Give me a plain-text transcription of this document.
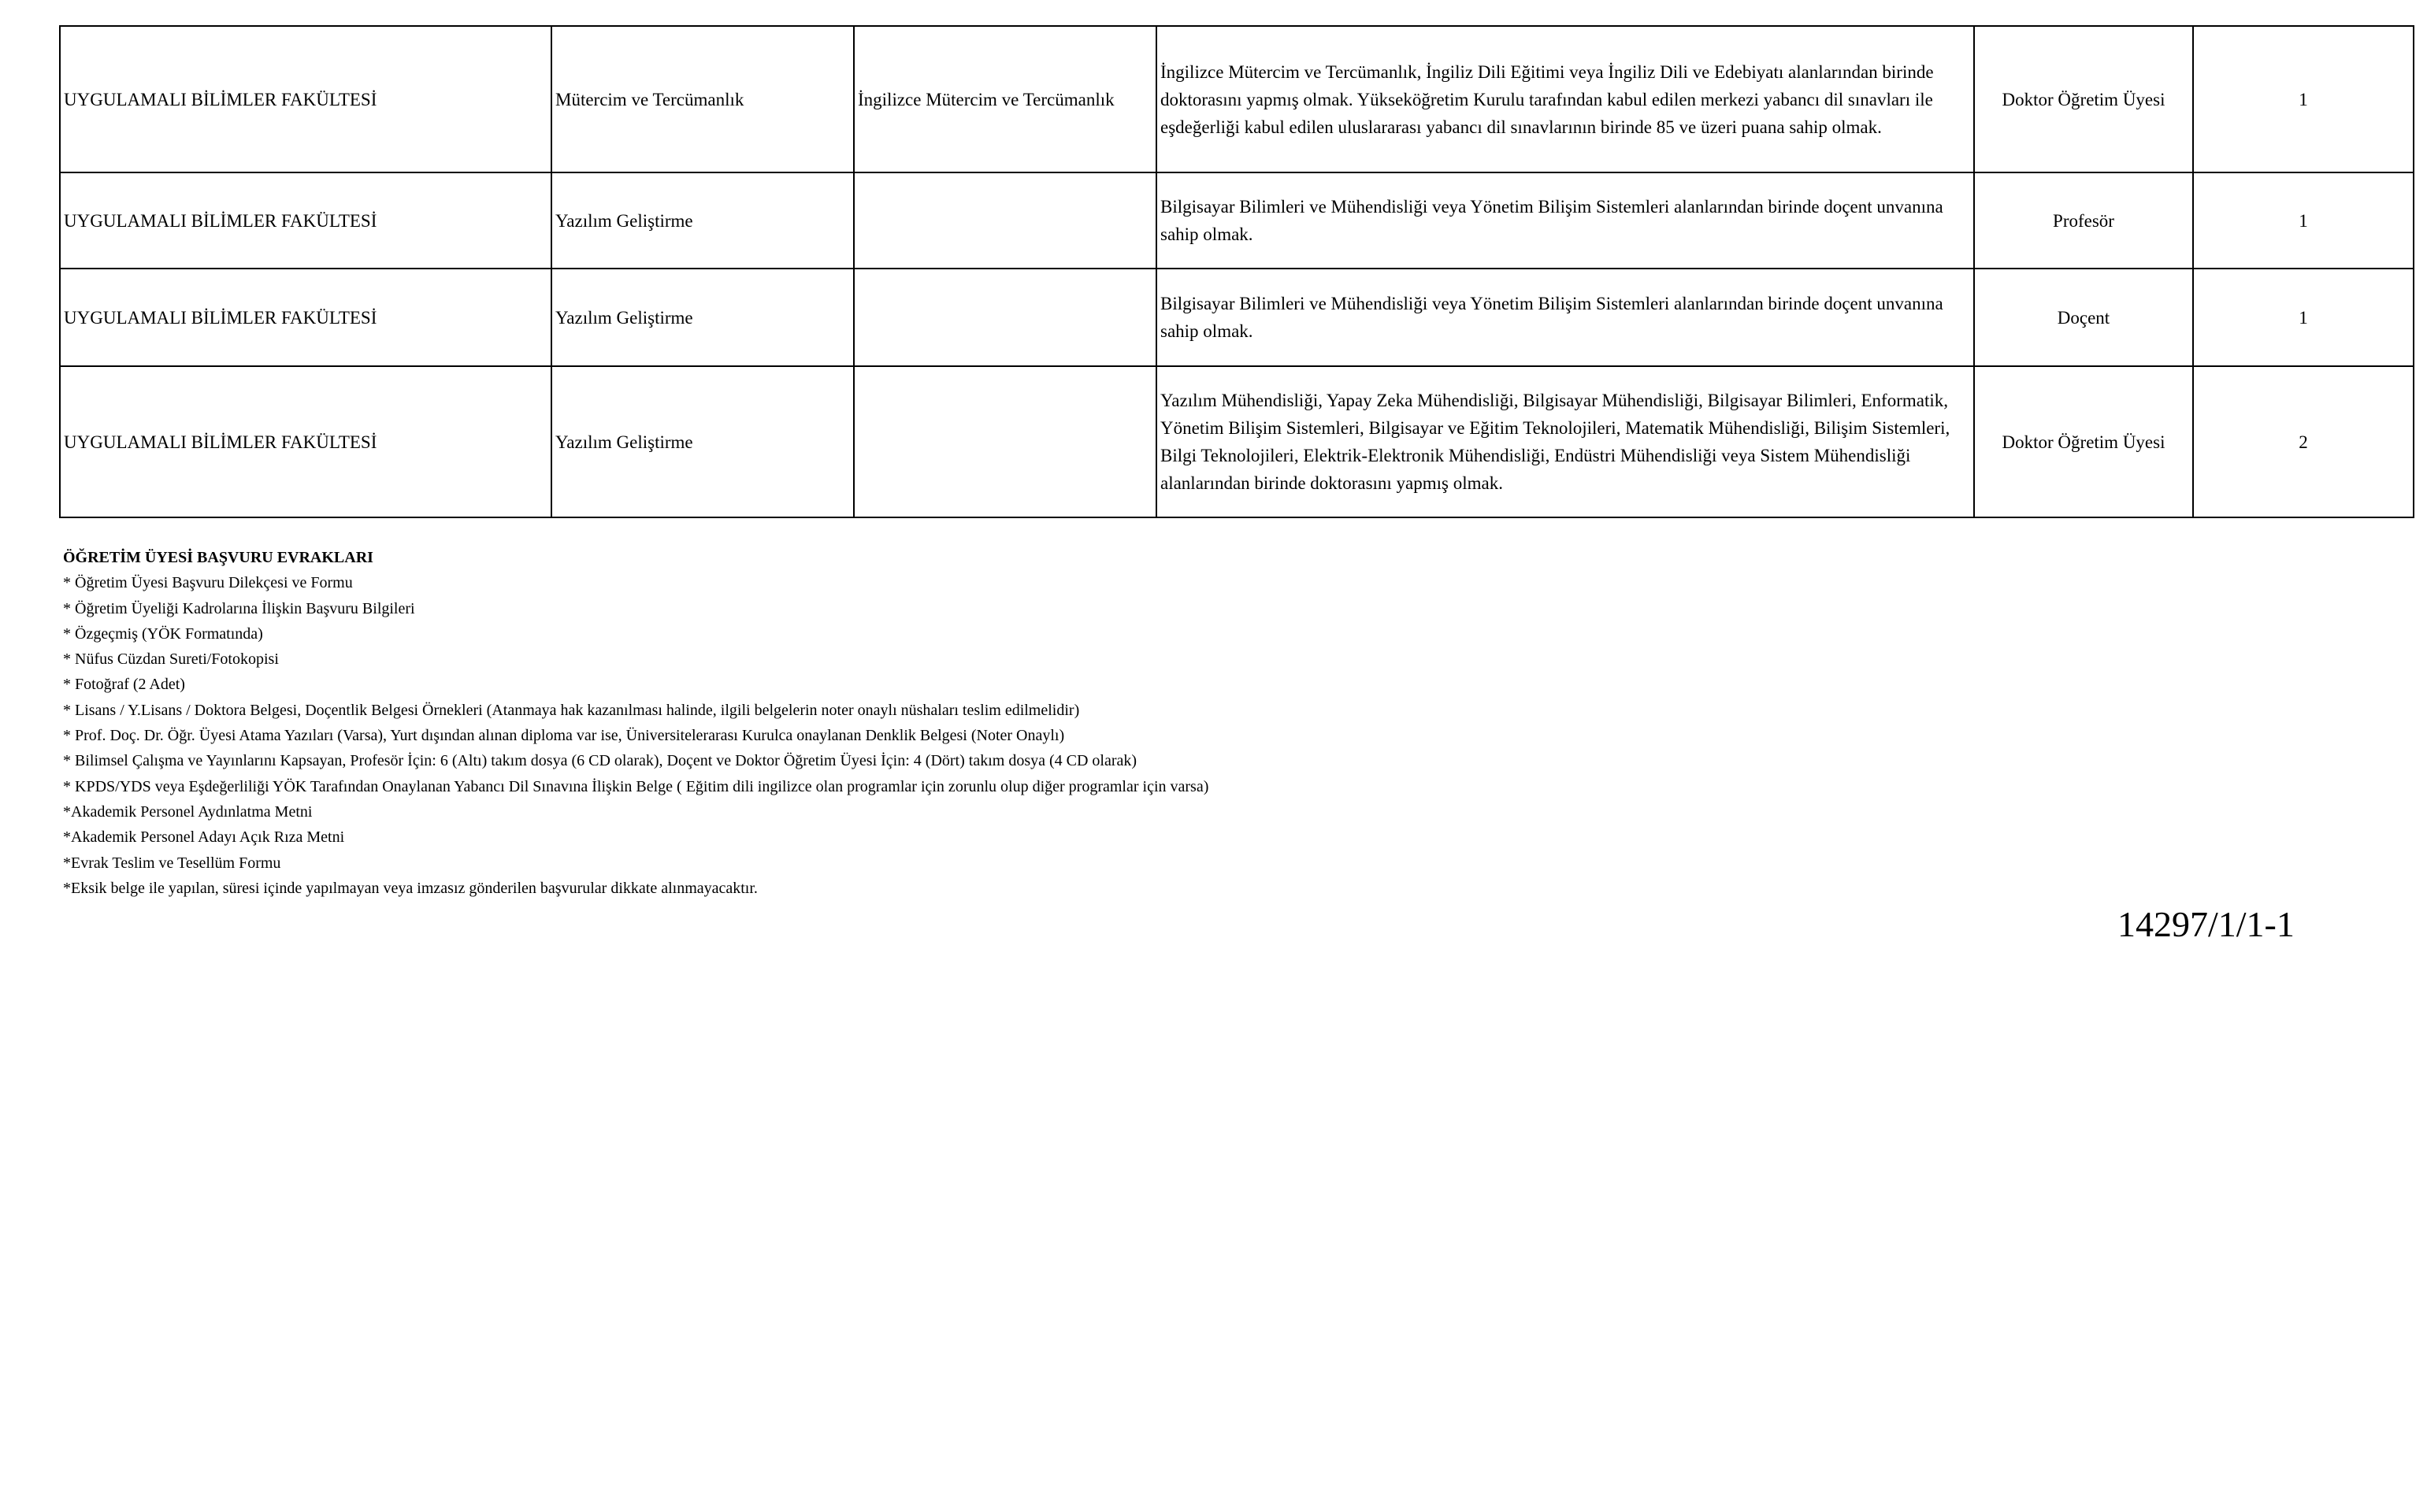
UYGULAMALI BİLİMLER FAKÜLTESİ	Mütercim ve Tercümanlık	İngilizce Mütercim ve Tercümanlık	İngilizce Mütercim ve Tercümanlık, İngiliz Dili Eğitimi veya İngiliz Dili ve Edebiyatı alanlarından birinde doktorasını yapmış olmak. Yükseköğretim Kurulu tarafından kabul edilen merkezi yabancı dil sınavları ile eşdeğerliği kabul edilen uluslararası yabancı dil sınavlarının birinde 85 ve üzeri puana sahip olmak.	Doktor Öğretim Üyesi	1
UYGULAMALI BİLİMLER FAKÜLTESİ	Yazılım Geliştirme		Bilgisayar Bilimleri ve Mühendisliği veya Yönetim Bilişim Sistemleri alanlarından birinde doçent unvanına sahip olmak.	Profesör	1
UYGULAMALI BİLİMLER FAKÜLTESİ	Yazılım Geliştirme		Bilgisayar Bilimleri ve Mühendisliği veya Yönetim Bilişim Sistemleri alanlarından birinde doçent unvanına sahip olmak.	Doçent	1
UYGULAMALI BİLİMLER FAKÜLTESİ	Yazılım Geliştirme		Yazılım Mühendisliği, Yapay Zeka Mühendisliği, Bilgisayar Mühendisliği, Bilgisayar Bilimleri, Enformatik, Yönetim Bilişim Sistemleri, Bilgisayar ve Eğitim Teknolojileri, Matematik Mühendisliği, Bilişim Sistemleri, Bilgi Teknolojileri, Elektrik-Elektronik Mühendisliği, Endüstri Mühendisliği veya Sistem Mühendisliği alanlarından birinde doktorasını yapmış olmak.	Doktor Öğretim Üyesi	2
ÖĞRETİM ÜYESİ BAŞVURU EVRAKLARI
* Öğretim Üyesi Başvuru Dilekçesi ve Formu
* Öğretim Üyeliği Kadrolarına İlişkin Başvuru Bilgileri
* Özgeçmiş (YÖK Formatında)
* Nüfus Cüzdan Sureti/Fotokopisi
* Fotoğraf (2 Adet)
* Lisans / Y.Lisans / Doktora Belgesi, Doçentlik Belgesi Örnekleri (Atanmaya hak kazanılması halinde, ilgili belgelerin noter onaylı nüshaları teslim edilmelidir)
* Prof. Doç. Dr. Öğr. Üyesi Atama Yazıları (Varsa), Yurt dışından alınan diploma var ise, Üniversitelerarası Kurulca onaylanan Denklik Belgesi (Noter Onaylı)
* Bilimsel Çalışma ve Yayınlarını Kapsayan, Profesör İçin: 6 (Altı) takım dosya (6 CD olarak), Doçent ve Doktor Öğretim Üyesi İçin: 4 (Dört) takım dosya (4 CD olarak)
* KPDS/YDS veya Eşdeğerliliği YÖK Tarafından Onaylanan Yabancı Dil Sınavına İlişkin Belge ( Eğitim dili ingilizce olan programlar için zorunlu olup diğer programlar için varsa)
*Akademik Personel Aydınlatma Metni
*Akademik Personel Adayı Açık Rıza Metni
*Evrak Teslim ve Tesellüm Formu
*Eksik belge ile yapılan, süresi içinde yapılmayan veya imzasız gönderilen başvurular dikkate alınmayacaktır.
14297/1/1-1
